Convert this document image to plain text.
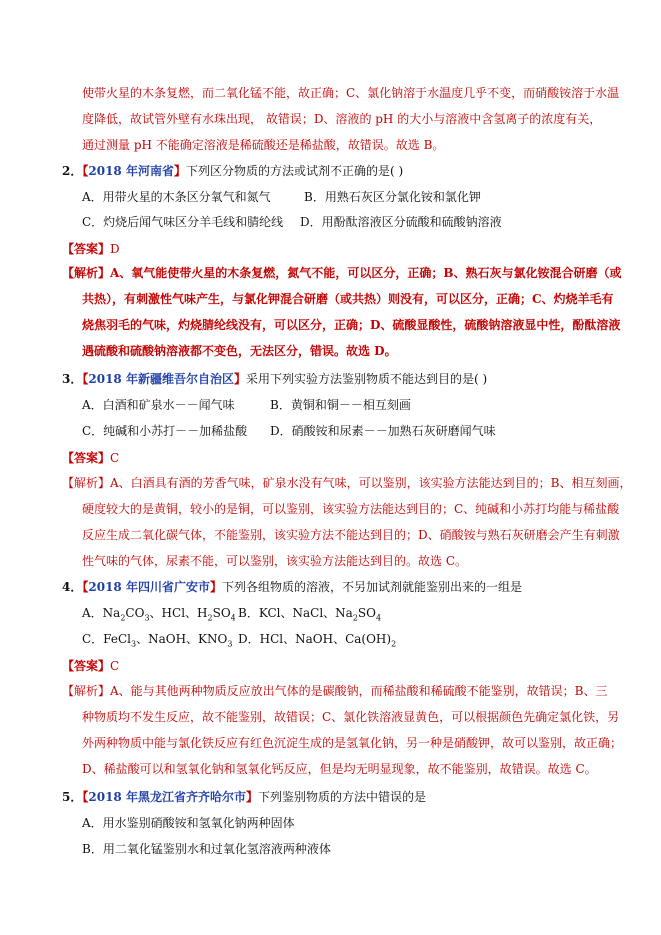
使带火星的木条复燃，而二氧化锰不能，故正确；C、氯化钠溶于水温度几乎不变，而硝酸铵溶于水温
度降低，故试管外壁有水珠出现， 故错误；D、溶液的 pH 的大小与溶液中含氢离子的浓度有关，
通过测量 pH 不能确定溶液是稀硫酸还是稀盐酸，故错误。故选 B。
2．【2018 年河南省】下列区分物质的方法或试剂不正确的是( )
A．用带火星的木条区分氧气和氮气	B．用熟石灰区分氯化铵和氯化钾
C．灼烧后闻气味区分羊毛线和腈纶线 D．用酚酞溶液区分硫酸和硫酸钠溶液
【答案】D
【解析】A、氧气能使带火星的木条复燃，氮气不能，可以区分，正确；B、熟石灰与氯化铵混合研磨（或
共热），有刺激性气味产生，与氯化钾混合研磨（或共热）则没有，可以区分，正确；C、灼烧羊毛有
烧焦羽毛的气味，灼烧腈纶线没有，可以区分，正确；D、硫酸显酸性，硫酸钠溶液显中性，酚酞溶液
遇硫酸和硫酸钠溶液都不变色，无法区分，错误。故选 D。
3．【2018 年新疆维吾尔自治区】采用下列实验方法鉴别物质不能达到目的是( )
A．白酒和矿泉水－－闻气味	B．黄铜和铜－－相互刻画
C．纯碱和小苏打－－加稀盐酸 D．硝酸铵和尿素－－加熟石灰研磨闻气味
【答案】C
【解析】A、白酒具有酒的芳香气味，矿泉水没有气味，可以鉴别，该实验方法能达到目的；B、相互刻画，
硬度较大的是黄铜，较小的是铜，可以鉴别，该实验方法能达到目的；C、纯碱和小苏打均能与稀盐酸
反应生成二氧化碳气体，不能鉴别，该实验方法不能达到目的；D、硝酸铵与熟石灰研磨会产生有刺激
性气味的气体，尿素不能，可以鉴别，该实验方法能达到目的。故选 C。
4．【2018 年四川省广安市】下列各组物质的溶液，不另加试剂就能鉴别出来的一组是
A．$Na_2CO_3$、HCl、$H_2SO_4$ B．KCl、NaCl、$Na_2SO_4$
C．FeCl$_3$、NaOH、$KNO_3$ D．HCl、NaOH、$Ca(OH)_2$
【答案】C
【解析】A、能与其他两种物质反应放出气体的是碳酸钠，而稀盐酸和稀硫酸不能鉴别，故错误；B、三
种物质均不发生反应，故不能鉴别，故错误；C、氯化铁溶液显黄色，可以根据颜色先确定氯化铁，另
外两种物质中能与氯化铁反应有红色沉淀生成的是氢氧化钠，另一种是硝酸钾，故可以鉴别，故正确；
D、稀盐酸可以和氢氧化钠和氢氧化钙反应，但是均无明显现象，故不能鉴别，故错误。故选 C。
5．【2018 年黑龙江省齐齐哈尔市】下列鉴别物质的方法中错误的是
A．用水鉴别硝酸铵和氢氧化钠两种固体
B．用二氧化锰鉴别水和过氧化氢溶液两种液体
